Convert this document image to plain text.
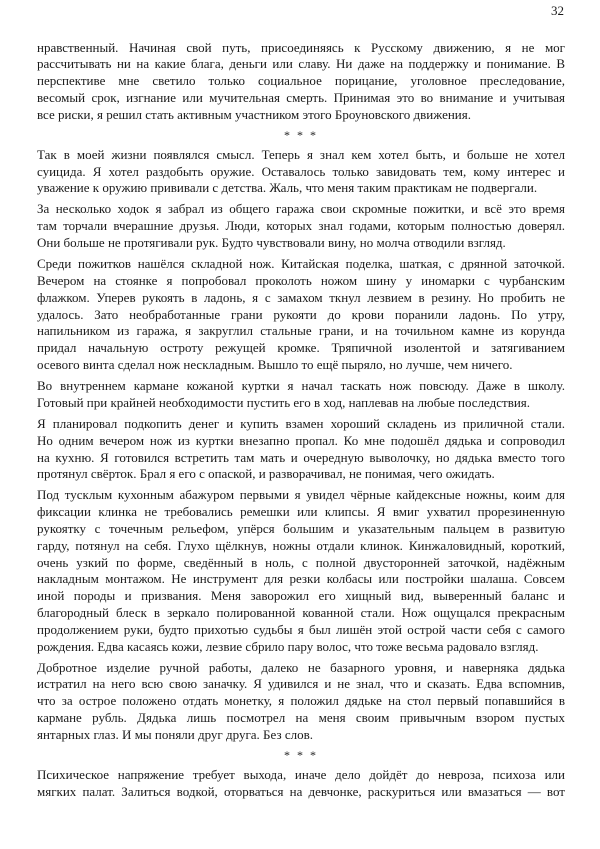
32
нравственный. Начиная свой путь, присоединяясь к Русскому движению, я не мог
рассчитывать ни на какие блага, деньги или славу. Ни даже на поддержку и понимание. В
перспективе мне светило только социальное порицание, уголовное преследование,
весомый срок, изгнание или мучительная смерть. Принимая это во внимание и учитывая
все риски, я решил стать активным участником этого Броуновского движения.
* * *
Так в моей жизни появлялся смысл. Теперь я знал кем хотел быть, и больше не хотел
суицида. Я хотел раздобыть оружие. Оставалось только завидовать тем, кому интерес и
уважение к оружию прививали с детства. Жаль, что меня таким практикам не подвергали.
За несколько ходок я забрал из общего гаража свои скромные пожитки, и всё это время
там торчали вчерашние друзья. Люди, которых знал годами, которым полностью доверял.
Они больше не протягивали рук. Будто чувствовали вину, но молча отводили взгляд.
Среди пожитков нашёлся складной нож. Китайская поделка, шаткая, с дрянной заточкой.
Вечером на стоянке я попробовал проколоть ножом шину у иномарки с чурбанским
флажком. Уперев рукоять в ладонь, я с замахом ткнул лезвием в резину. Но пробить не
удалось. Зато необработанные грани рукояти до крови поранили ладонь. По утру,
напильником из гаража, я закруглил стальные грани, и на точильном камне из корунда
придал начальную остроту режущей кромке. Тряпичной изолентой и затягиванием
осевого винта сделал нож нескладным. Вышло то ещё пыряло, но лучше, чем ничего.
Во внутреннем кармане кожаной куртки я начал таскать нож повсюду. Даже в школу.
Готовый при крайней необходимости пустить его в ход, наплевав на любые последствия.
Я планировал подкопить денег и купить взамен хороший складень из приличной стали.
Но одним вечером нож из куртки внезапно пропал. Ко мне подошёл дядька и сопроводил
на кухню. Я готовился встретить там мать и очередную выволочку, но дядька вместо того
протянул свёрток. Брал я его с опаской, и разворачивал, не понимая, чего ожидать.
Под тусклым кухонным абажуром первыми я увидел чёрные кайдексные ножны, коим для
фиксации клинка не требовались ремешки или клипсы. Я вмиг ухватил прорезиненную
рукоятку с точечным рельефом, упёрся большим и указательным пальцем в развитую
гарду, потянул на себя. Глухо щёлкнув, ножны отдали клинок. Кинжаловидный, короткий,
очень узкий по форме, сведённый в ноль, с полной двусторонней заточкой, надёжным
накладным монтажом. Не инструмент для резки колбасы или постройки шалаша. Совсем
иной породы и призвания. Меня заворожил его хищный вид, выверенный баланс и
благородный блеск в зеркало полированной кованной стали. Нож ощущался прекрасным
продолжением руки, будто прихотью судьбы я был лишён этой острой части себя с самого
рождения. Едва касаясь кожи, лезвие сбрило пару волос, что тоже весьма радовало взгляд.
Добротное изделие ручной работы, далеко не базарного уровня, и наверняка дядька
истратил на него всю свою заначку. Я удивился и не знал, что и сказать. Едва вспомнив,
что за острое положено отдать монетку, я положил дядьке на стол первый попавшийся в
кармане рубль. Дядька лишь посмотрел на меня своим привычным взором пустых
янтарных глаз. И мы поняли друг друга. Без слов.
* * *
Психическое напряжение требует выхода, иначе дело дойдёт до невроза, психоза или
мягких палат. Залиться водкой, оторваться на девчонке, раскуриться или вмазаться — вот
